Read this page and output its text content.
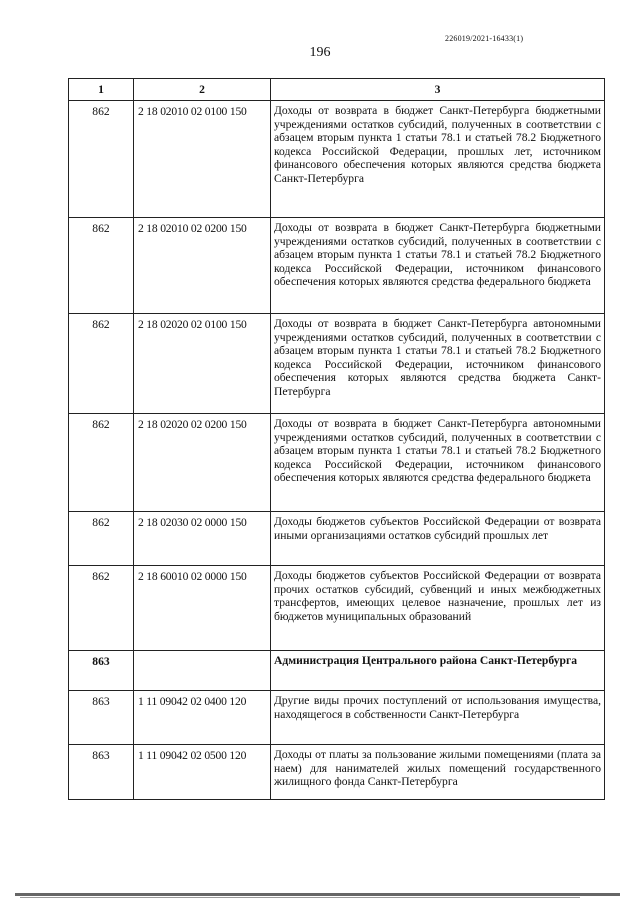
226019/2021-16433(1)
196
1	2	3
862	2 18 02010 02 0100 150	Доходы от возврата в бюджет Санкт-Петербурга бюджетными учреждениями остатков субсидий, полученных в соответствии с абзацем вторым пункта 1 статьи 78.1 и статьей 78.2 Бюджетного кодекса Российской Федерации, прошлых лет, источником финансового обеспечения которых являются средства бюджета Санкт-Петербурга
862	2 18 02010 02 0200 150	Доходы от возврата в бюджет Санкт-Петербурга бюджетными учреждениями остатков субсидий, полученных в соответствии с абзацем вторым пункта 1 статьи 78.1 и статьей 78.2 Бюджетного кодекса Российской Федерации, источником финансового обеспечения которых являются средства федерального бюджета
862	2 18 02020 02 0100 150	Доходы от возврата в бюджет Санкт-Петербурга автономными учреждениями остатков субсидий, полученных в соответствии с абзацем вторым пункта 1 статьи 78.1 и статьей 78.2 Бюджетного кодекса Российской Федерации, источником финансового обеспечения которых являются средства бюджета Санкт-Петербурга
862	2 18 02020 02 0200 150	Доходы от возврата в бюджет Санкт-Петербурга автономными учреждениями остатков субсидий, полученных в соответствии с абзацем вторым пункта 1 статьи 78.1 и статьей 78.2 Бюджетного кодекса Российской Федерации, источником финансового обеспечения которых являются средства федерального бюджета
862	2 18 02030 02 0000 150	Доходы бюджетов субъектов Российской Федерации от возврата иными организациями остатков субсидий прошлых лет
862	2 18 60010 02 0000 150	Доходы бюджетов субъектов Российской Федерации от возврата прочих остатков субсидий, субвенций и иных межбюджетных трансфертов, имеющих целевое назначение, прошлых лет из бюджетов муниципальных образований
863		Администрация Центрального района Санкт-Петербурга
863	1 11 09042 02 0400 120	Другие виды прочих поступлений от использования имущества, находящегося в собственности Санкт-Петербурга
863	1 11 09042 02 0500 120	Доходы от платы за пользование жилыми помещениями (плата за наем) для нанимателей жилых помещений государственного жилищного фонда Санкт-Петербурга
